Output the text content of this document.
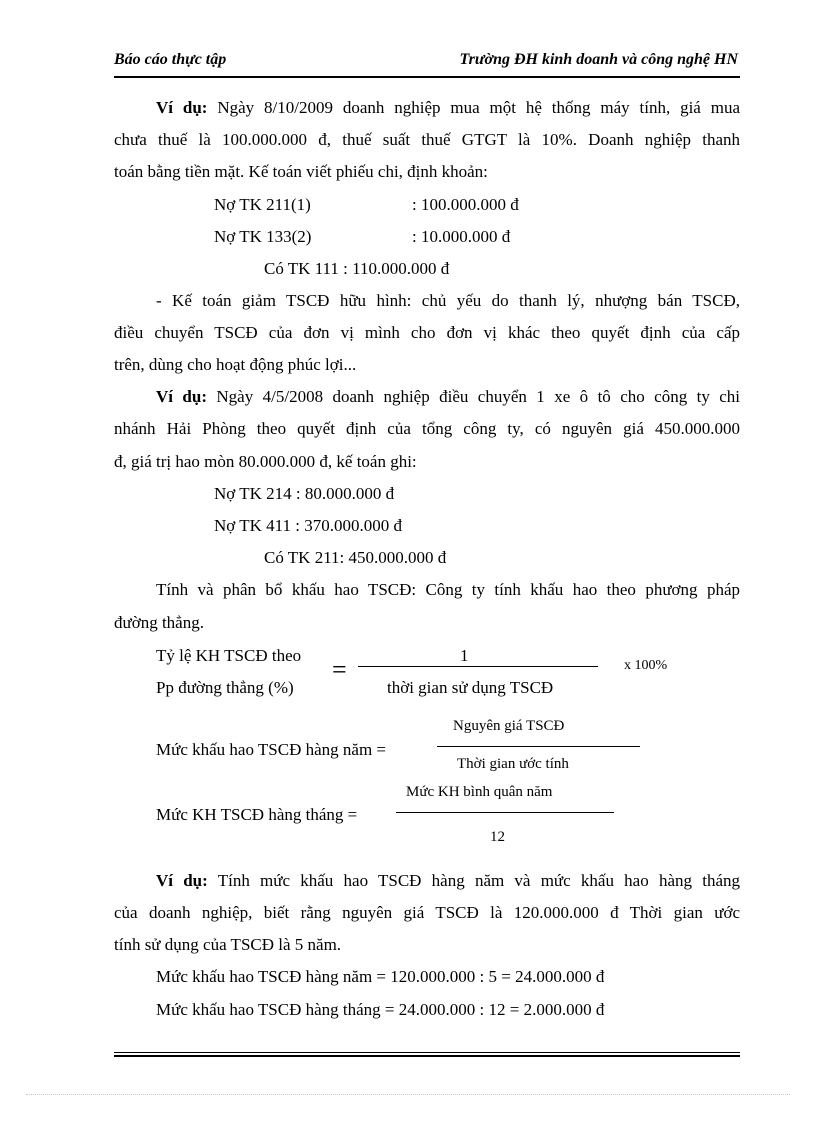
Báo cáo thực tập	Trường ĐH kinh doanh và công nghệ HN
Ví dụ: Ngày 8/10/2009 doanh nghiệp mua một hệ thống máy tính, giá mua
chưa thuế là 100.000.000 đ, thuế suất thuế GTGT là 10%. Doanh nghiệp thanh
toán bằng tiền mặt. Kế toán viết phiếu chi, định khoản:
Nợ TK 211(1)	: 100.000.000 đ
Nợ TK 133(2)	: 10.000.000 đ
Có TK 111 : 110.000.000 đ
- Kế toán giảm TSCĐ hữu hình: chủ yếu do thanh lý, nhượng bán TSCĐ,
điều chuyển TSCĐ của đơn vị mình cho đơn vị khác theo quyết định của cấp
trên, dùng cho hoạt động phúc lợi...
Ví dụ: Ngày 4/5/2008 doanh nghiệp điều chuyển 1 xe ô tô cho công ty chi
nhánh Hải Phòng theo quyết định của tổng công ty, có nguyên giá 450.000.000
đ, giá trị hao mòn 80.000.000 đ, kế toán ghi:
Nợ TK 214 : 80.000.000 đ
Nợ TK 411 : 370.000.000 đ
Có TK 211: 450.000.000 đ
Tính và phân bổ khấu hao TSCĐ: Công ty tính khấu hao theo phương pháp
đường thẳng.
Tỷ lệ KH TSCĐ theo
Pp đường thẳng (%)
=	1
thời gian sử dụng TSCĐ
x 100%
Mức khấu hao TSCĐ hàng năm =
Nguyên giá TSCĐ
Thời gian ước tính
Mức KH TSCĐ hàng tháng =
Mức KH bình quân năm
12
Ví dụ: Tính mức khấu hao TSCĐ hàng năm và mức khấu hao hàng tháng
của doanh nghiệp, biết rằng nguyên giá TSCĐ là 120.000.000 đ Thời gian ước
tính sử dụng của TSCĐ là 5 năm.
Mức khấu hao TSCĐ hàng năm = 120.000.000 : 5 = 24.000.000 đ
Mức khấu hao TSCĐ hàng tháng = 24.000.000 : 12 = 2.000.000 đ
